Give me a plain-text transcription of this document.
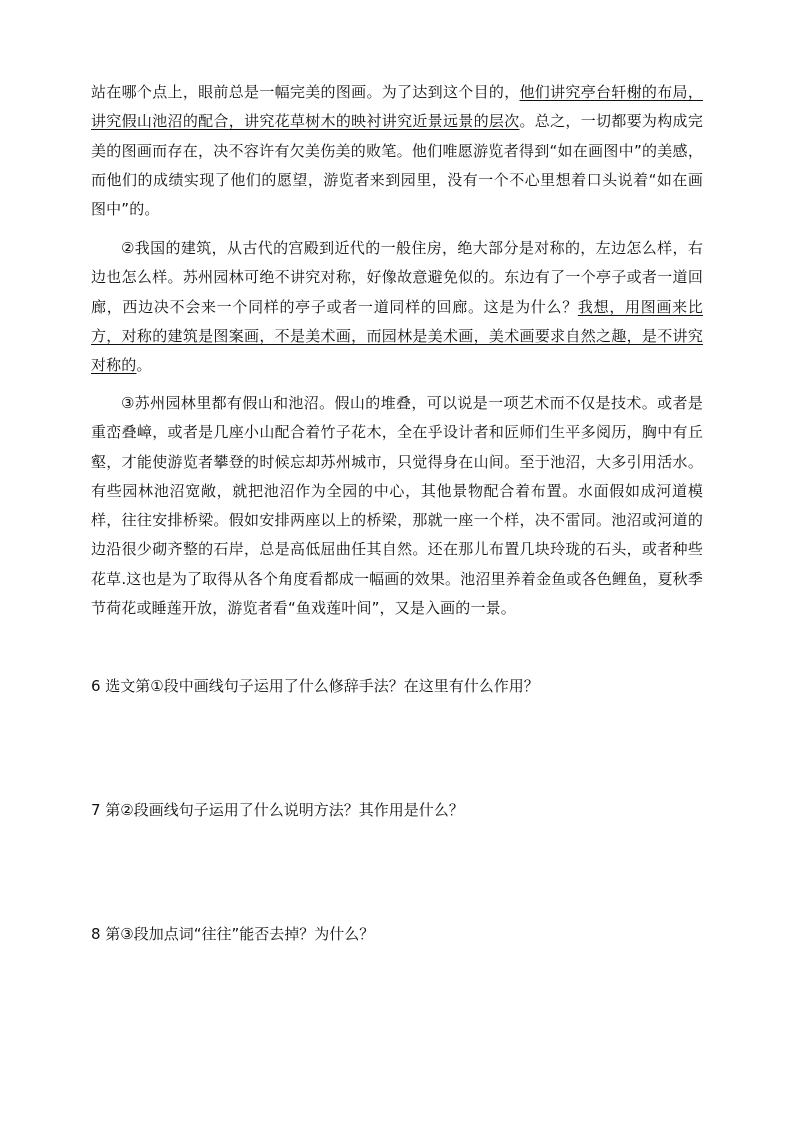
站在哪个点上，眼前总是一幅完美的图画。为了达到这个目的，他们讲究亭台轩榭的布局，讲究假山池沼的配合，讲究花草树木的映衬讲究近景远景的层次。总之，一切都要为构成完美的图画而存在，决不容许有欠美伤美的败笔。他们唯愿游览者得到“如在画图中”的美感，而他们的成绩实现了他们的愿望，游览者来到园里，没有一个不心里想着口头说着“如在画图中”的。

②我国的建筑，从古代的宫殿到近代的一般住房，绝大部分是对称的，左边怎么样，右边也怎么样。苏州园林可绝不讲究对称，好像故意避免似的。东边有了一个亭子或者一道回廊，西边决不会来一个同样的亭子或者一道同样的回廊。这是为什么？我想，用图画来比方，对称的建筑是图案画，不是美术画，而园林是美术画，美术画要求自然之趣，是不讲究对称的。

③苏州园林里都有假山和池沼。假山的堆叠，可以说是一项艺术而不仅是技术。或者是重峦叠嶂，或者是几座小山配合着竹子花木，全在乎设计者和匠师们生平多阅历，胸中有丘壑，才能使游览者攀登的时候忘却苏州城市，只觉得身在山间。至于池沼，大多引用活水。有些园林池沼宽敞，就把池沼作为全园的中心，其他景物配合着布置。水面假如成河道模样，往往安排桥梁。假如安排两座以上的桥梁，那就一座一个样，决不雷同。池沼或河道的边沿很少砌齐整的石岸，总是高低屈曲任其自然。还在那儿布置几块玲珑的石头，或者种些花草.这也是为了取得从各个角度看都成一幅画的效果。池沼里养着金鱼或各色鲤鱼，夏秋季节荷花或睡莲开放，游览者看“鱼戏莲叶间”，又是入画的一景。

6 选文第①段中画线句子运用了什么修辞手法？在这里有什么作用？

7 第②段画线句子运用了什么说明方法？其作用是什么？

8 第③段加点词“往往”能否去掉？为什么？
